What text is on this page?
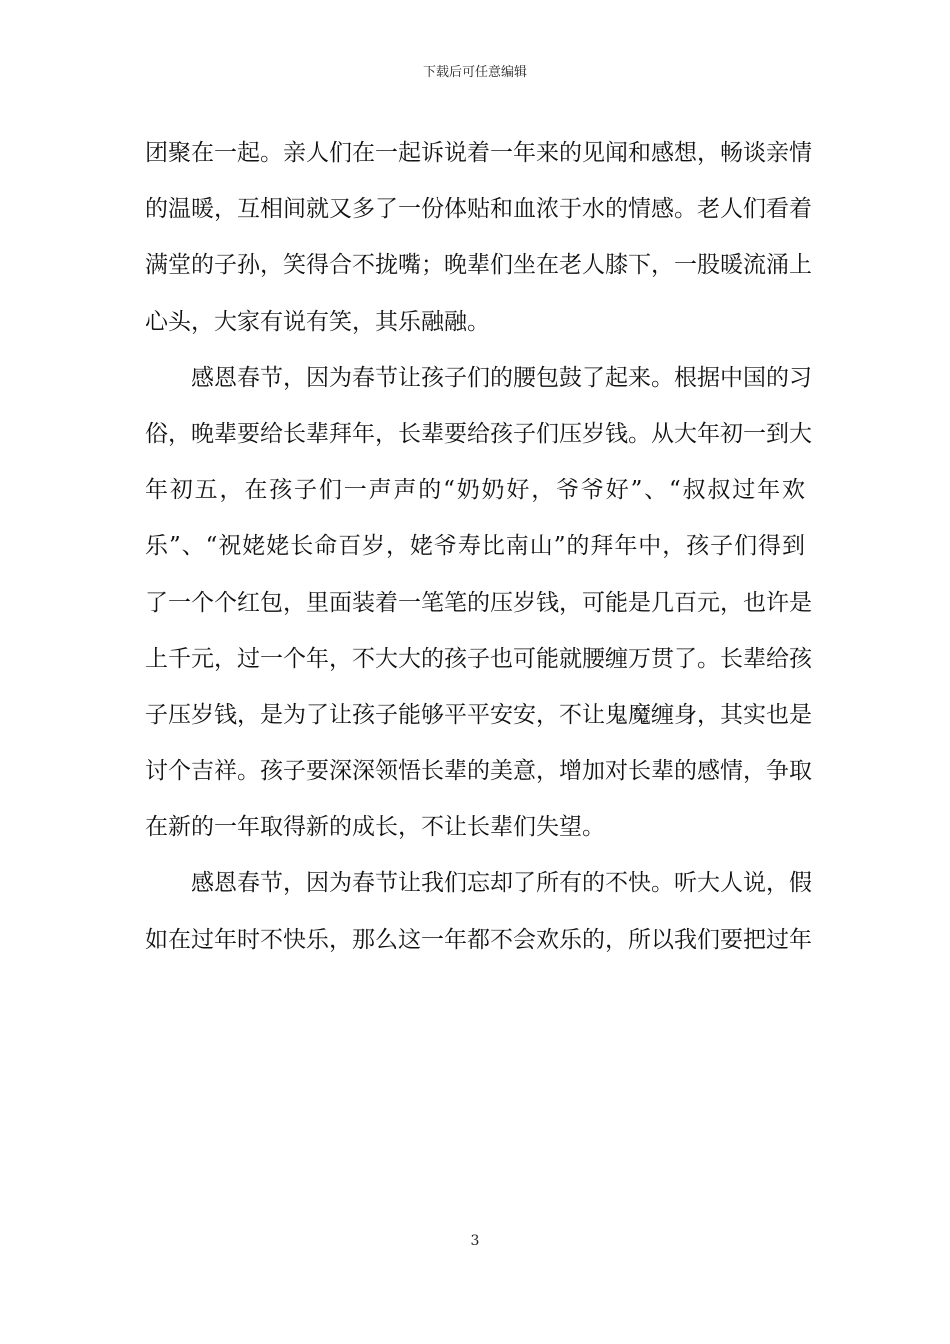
下载后可任意编辑
团聚在一起。亲人们在一起诉说着一年来的见闻和感想，畅谈亲情
的温暖，互相间就又多了一份体贴和血浓于水的情感。老人们看着
满堂的子孙，笑得合不拢嘴；晚辈们坐在老人膝下，一股暖流涌上
心头，大家有说有笑，其乐融融。
感恩春节，因为春节让孩子们的腰包鼓了起来。根据中国的习
俗，晚辈要给长辈拜年，长辈要给孩子们压岁钱。从大年初一到大
年初五，在孩子们一声声的“奶奶好，爷爷好”、“叔叔过年欢
乐”、“祝姥姥长命百岁，姥爷寿比南山”的拜年中，孩子们得到
了一个个红包，里面装着一笔笔的压岁钱，可能是几百元，也许是
上千元，过一个年，不大大的孩子也可能就腰缠万贯了。长辈给孩
子压岁钱，是为了让孩子能够平平安安，不让鬼魔缠身，其实也是
讨个吉祥。孩子要深深领悟长辈的美意，增加对长辈的感情，争取
在新的一年取得新的成长，不让长辈们失望。
感恩春节，因为春节让我们忘却了所有的不快。听大人说，假
如在过年时不快乐，那么这一年都不会欢乐的，所以我们要把过年
3
